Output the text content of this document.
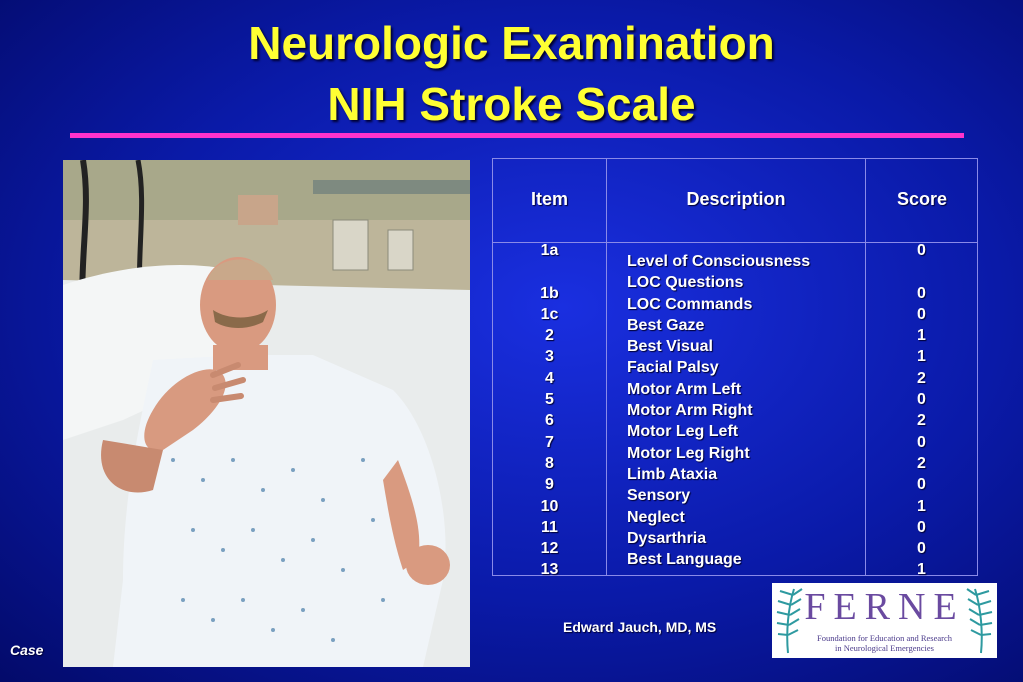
Neurologic Examination
NIH Stroke Scale
Item	Description	Score
1a

1b
1c
2
3
4
5
6
7
8
9
10
11
12
13
Level of Consciousness
LOC Questions
LOC Commands
Best Gaze
Best Visual
Facial Palsy
Motor Arm Left
Motor Arm Right
Motor Leg Left
Motor Leg Right
Limb Ataxia
Sensory
Neglect
Dysarthria
Best Language
0

0
0
1
1
2
0
2
0
2
0
1
0
0
1
Edward Jauch, MD, MS
Case
FERNE
Foundation for Education and Research
in Neurological Emergencies
